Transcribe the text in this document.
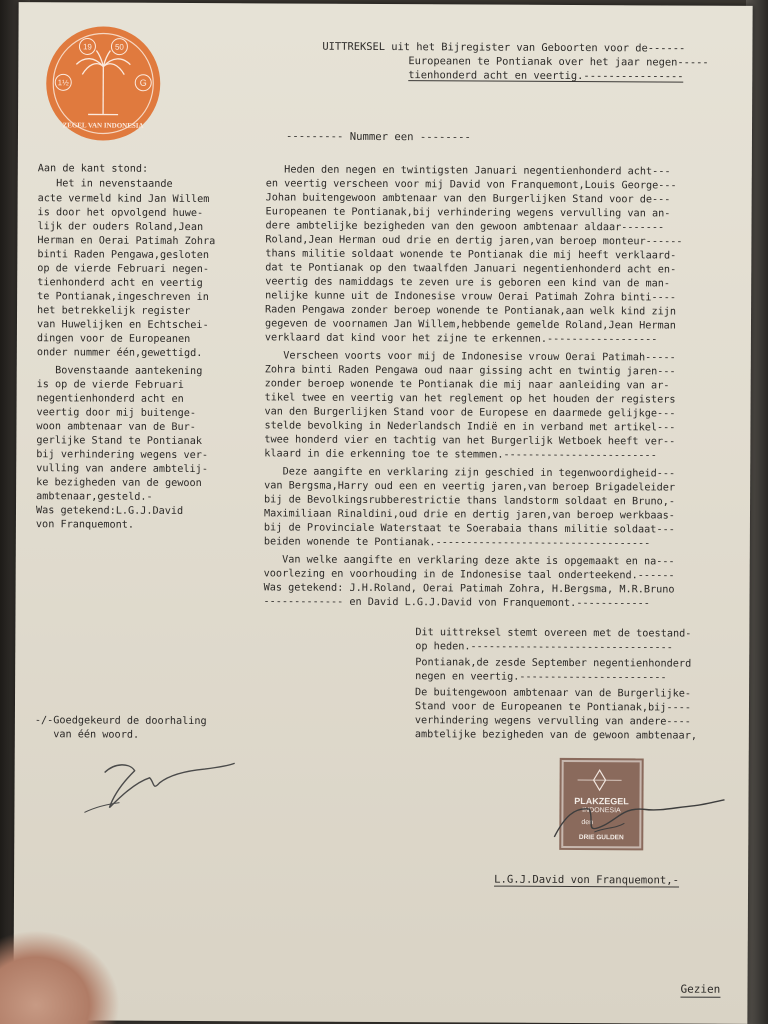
19	50
1½	G
ZEGEL VAN INDONESIA
UITTREKSEL uit het Bijregister van Geboorten voor de------
Europeanen te Pontianak over het jaar negen-----
tienhonderd acht en veertig.----------------
--------- Nummer een --------
Aan de kant stond:
Het in nevenstaande
acte vermeld kind Jan Willem
is door het opvolgend huwe-
lijk der ouders Roland,Jean
Herman en Oerai Patimah Zohra
binti Raden Pengawa,gesloten
op de vierde Februari negen-
tienhonderd acht en veertig
te Pontianak,ingeschreven in
het betrekkelijk register
van Huwelijken en Echtschei-
dingen voor de Europeanen
onder nummer één,gewettigd.
Bovenstaande aantekening
is op de vierde Februari
negentienhonderd acht en
veertig door mij buitenge-
woon ambtenaar van de Bur-
gerlijke Stand te Pontianak
bij verhindering wegens ver-
vulling van andere ambtelij-
ke bezigheden van de gewoon
ambtenaar,gesteld.-
Was getekend:L.G.J.David
von Franquemont.
Heden den negen en twintigsten Januari negentienhonderd acht---
en veertig verscheen voor mij David von Franquemont,Louis George---
Johan buitengewoon ambtenaar van den Burgerlijken Stand voor de---
Europeanen te Pontianak,bij verhindering wegens vervulling van an-
dere ambtelijke bezigheden van den gewoon ambtenaar aldaar-------
Roland,Jean Herman oud drie en dertig jaren,van beroep monteur------
thans militie soldaat wonende te Pontianak die mij heeft verklaard-
dat te Pontianak op den twaalfden Januari negentienhonderd acht en-
veertig des namiddags te zeven ure is geboren een kind van de man-
nelijke kunne uit de Indonesise vrouw Oerai Patimah Zohra binti----
Raden Pengawa zonder beroep wonende te Pontianak,aan welk kind zijn
gegeven de voornamen Jan Willem,hebbende gemelde Roland,Jean Herman
verklaard dat kind voor het zijne te erkennen.------------------
Verscheen voorts voor mij de Indonesise vrouw Oerai Patimah-----
Zohra binti Raden Pengawa oud naar gissing acht en twintig jaren---
zonder beroep wonende te Pontianak die mij naar aanleiding van ar-
tikel twee en veertig van het reglement op het houden der registers
van den Burgerlijken Stand voor de Europese en daarmede gelijkge---
stelde bevolking in Nederlandsch Indië en in verband met artikel---
twee honderd vier en tachtig van het Burgerlijk Wetboek heeft ver--
klaard in die erkenning toe te stemmen.-------------------------
Deze aangifte en verklaring zijn geschied in tegenwoordigheid---
van Bergsma,Harry oud een en veertig jaren,van beroep Brigadeleider
bij de Bevolkingsrubberestrictie thans landstorm soldaat en Bruno,-
Maximiliaan Rinaldini,oud drie en dertig jaren,van beroep werkbaas-
bij de Provinciale Waterstaat te Soerabaia thans militie soldaat---
beiden wonende te Pontianak.-----------------------------------
Van welke aangifte en verklaring deze akte is opgemaakt en na---
voorlezing en voorhouding in de Indonesise taal onderteekend.------
Was getekend: J.H.Roland, Oerai Patimah Zohra, H.Bergsma, M.R.Bruno
------------- en David L.G.J.David von Franquemont.------------
Dit uittreksel stemt overeen met de toestand-
op heden.---------------------------------
Pontianak,de zesde September negentienhonderd
negen en veertig.------------------------
De buitengewoon ambtenaar van de Burgerlijke-
Stand voor de Europeanen te Pontianak,bij----
verhindering wegens vervulling van andere----
ambtelijke bezigheden van de gewoon ambtenaar,
-/-Goedgekeurd de doorhaling
van één woord.
PLAKZEGEL
INDONESIA
den
DRIE GULDEN
L.G.J.David von Franquemont,-
Gezien
